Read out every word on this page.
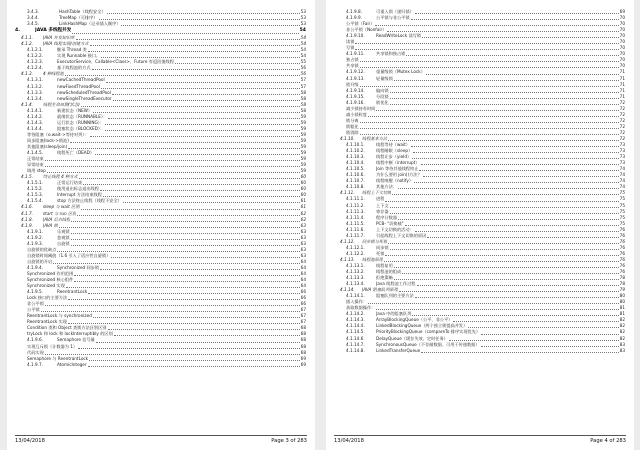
3.4.3.	HashTable（线程安全）	53
3.4.4.	TreeMap（可排序）	53
3.4.5.	LinkHashMap（记录插入顺序）	53
4.	JAVA 多线程并发	54
4.1.1.	JAVA 并发知识库	54
4.1.2.	JAVA 线程实现/创建方式	54
4.1.2.1.	继承 Thread 类	54
4.1.2.2.	实现 Runnable 接口。	54
4.1.2.3.	ExecutorService、Callable<Class>、Future 有返回值线程	55
4.1.2.4.	基于线程池的方式	56
4.1.3.	4 种线程池	56
4.1.3.1.	newCachedThreadPool	57
4.1.3.2.	newFixedThreadPool	57
4.1.3.3.	newScheduledThreadPool	58
4.1.3.4.	newSingleThreadExecutor	58
4.1.4.	线程生命周期(状态)	58
4.1.4.1.	新建状态（NEW）	58
4.1.4.2.	就绪状态（RUNNABLE）：	59
4.1.4.3.	运行状态（RUNNING）：	59
4.1.4.4.	阻塞状态（BLOCKED）：	59
等待阻塞（o.wait->等待对列）：	59
同步阻塞(lock->锁池)	59
其他阻塞(sleep/join)	59
4.1.4.5.	线程死亡（DEAD）	59
正常结束	59
异常结束	59
调用 stop	59
4.1.5.	终止线程 4 种方式	60
4.1.5.1.	正常运行结束	60
4.1.5.2.	使用退出标志退出线程	60
4.1.5.3.	Interrupt 方法结束线程	60
4.1.5.4.	stop 方法终止线程（线程不安全）	61
4.1.6.	sleep 与 wait 区别	61
4.1.7.	start 与 run 区别	62
4.1.8.	JAVA 后台线程	62
4.1.9.	JAVA 锁	63
4.1.9.1.	乐观锁	63
4.1.9.2.	悲观锁	63
4.1.9.3.	自旋锁	63
自旋锁的优缺点	63
自旋锁时间阈值（1.6 引入了适应性自旋锁）	63
自旋锁的开启	64
4.1.9.4.	Synchronized 同步锁	64
Synchronized 作用范围	64
Synchronized 核心组件	64
Synchronized 实现	64
4.1.9.5.	ReentrantLock	66
Lock 接口的主要方法	66
非公平锁	66
公平锁	67
ReentrantLock 与 synchronized	67
ReentrantLock 实现	67
Condition 类和 Object 类锁方法区别区别	68
tryLock 和 lock 和 lockInterruptibly 的区别	68
4.1.9.6.	Semaphore 信号量	68
实现互斥锁（计数器为 1）	68
代码实现	68
Semaphore 与 ReentrantLock	69
4.1.9.7.	AtomicInteger	69
13/04/2018	Page 3 of 283
4.1.9.8.	可重入锁（递归锁）	69
4.1.9.9.	公平锁与非公平锁	70
公平锁（Fair）	70
非公平锁（Nonfair）	70
4.1.9.10.	ReadWriteLock 读写锁	70
读锁	70
写锁	70
4.1.9.11.	共享锁和独占锁	70
独占锁	70
共享锁	70
4.1.9.12.	重量级锁（Mutex Lock）	71
4.1.9.13.	轻量级锁	71
锁升级	71
4.1.9.14.	偏向锁	71
4.1.9.15.	分段锁	71
4.1.9.16.	锁优化	72
减少锁持有时间	72
减小锁粒度	72
锁分离	72
锁粗化	72
锁消除	72
4.1.10.	线程基本方法	72
4.1.10.1.	线程等待（wait）	73
4.1.10.2.	线程睡眠（sleep）	73
4.1.10.3.	线程让步（yield）	73
4.1.10.4.	线程中断（interrupt）	73
4.1.10.5.	Join 等待其他线程终止	74
4.1.10.6.	为什么要用 join()方法？	74
4.1.10.7.	线程唤醒（notify）	74
4.1.10.8.	其他方法：	74
4.1.11.	线程上下文切换	75
4.1.11.1.	进程	75
4.1.11.2.	上下文	75
4.1.11.3.	寄存器	75
4.1.11.4.	程序计数器	75
4.1.11.5.	PCB- "切换桢"	75
4.1.11.6.	上下文切换的活动：	76
4.1.11.7.	引起线程上下文切换的原因	76
4.1.12.	同步锁与死锁	76
4.1.12.1.	同步锁	76
4.1.12.2.	死锁	76
4.1.13.	线程池原理	76
4.1.13.1.	线程复用	76
4.1.13.2.	线程池的组成	76
4.1.13.3.	拒绝策略	78
4.1.13.4.	Java 线程池工作过程	78
4.1.14.	JAVA 阻塞队列原理	79
4.1.14.1.	阻塞队列的主要方法	80
插入操作：	80
获取数据操作：	81
4.1.14.2.	Java 中的阻塞队列	81
4.1.14.3.	ArrayBlockingQueue（公平、非公平）	82
4.1.14.4.	LinkedBlockingQueue（两个独立锁提高并发）	82
4.1.14.5.	PriorityBlockingQueue（compareTo 排序实现优先）	82
4.1.14.6.	DelayQueue（缓存失效、定时任务）	82
4.1.14.7.	SynchronousQueue（不存储数据、可用于传递数据）	83
4.1.14.8.	LinkedTransferQueue	83
13/04/2018	Page 4 of 283
